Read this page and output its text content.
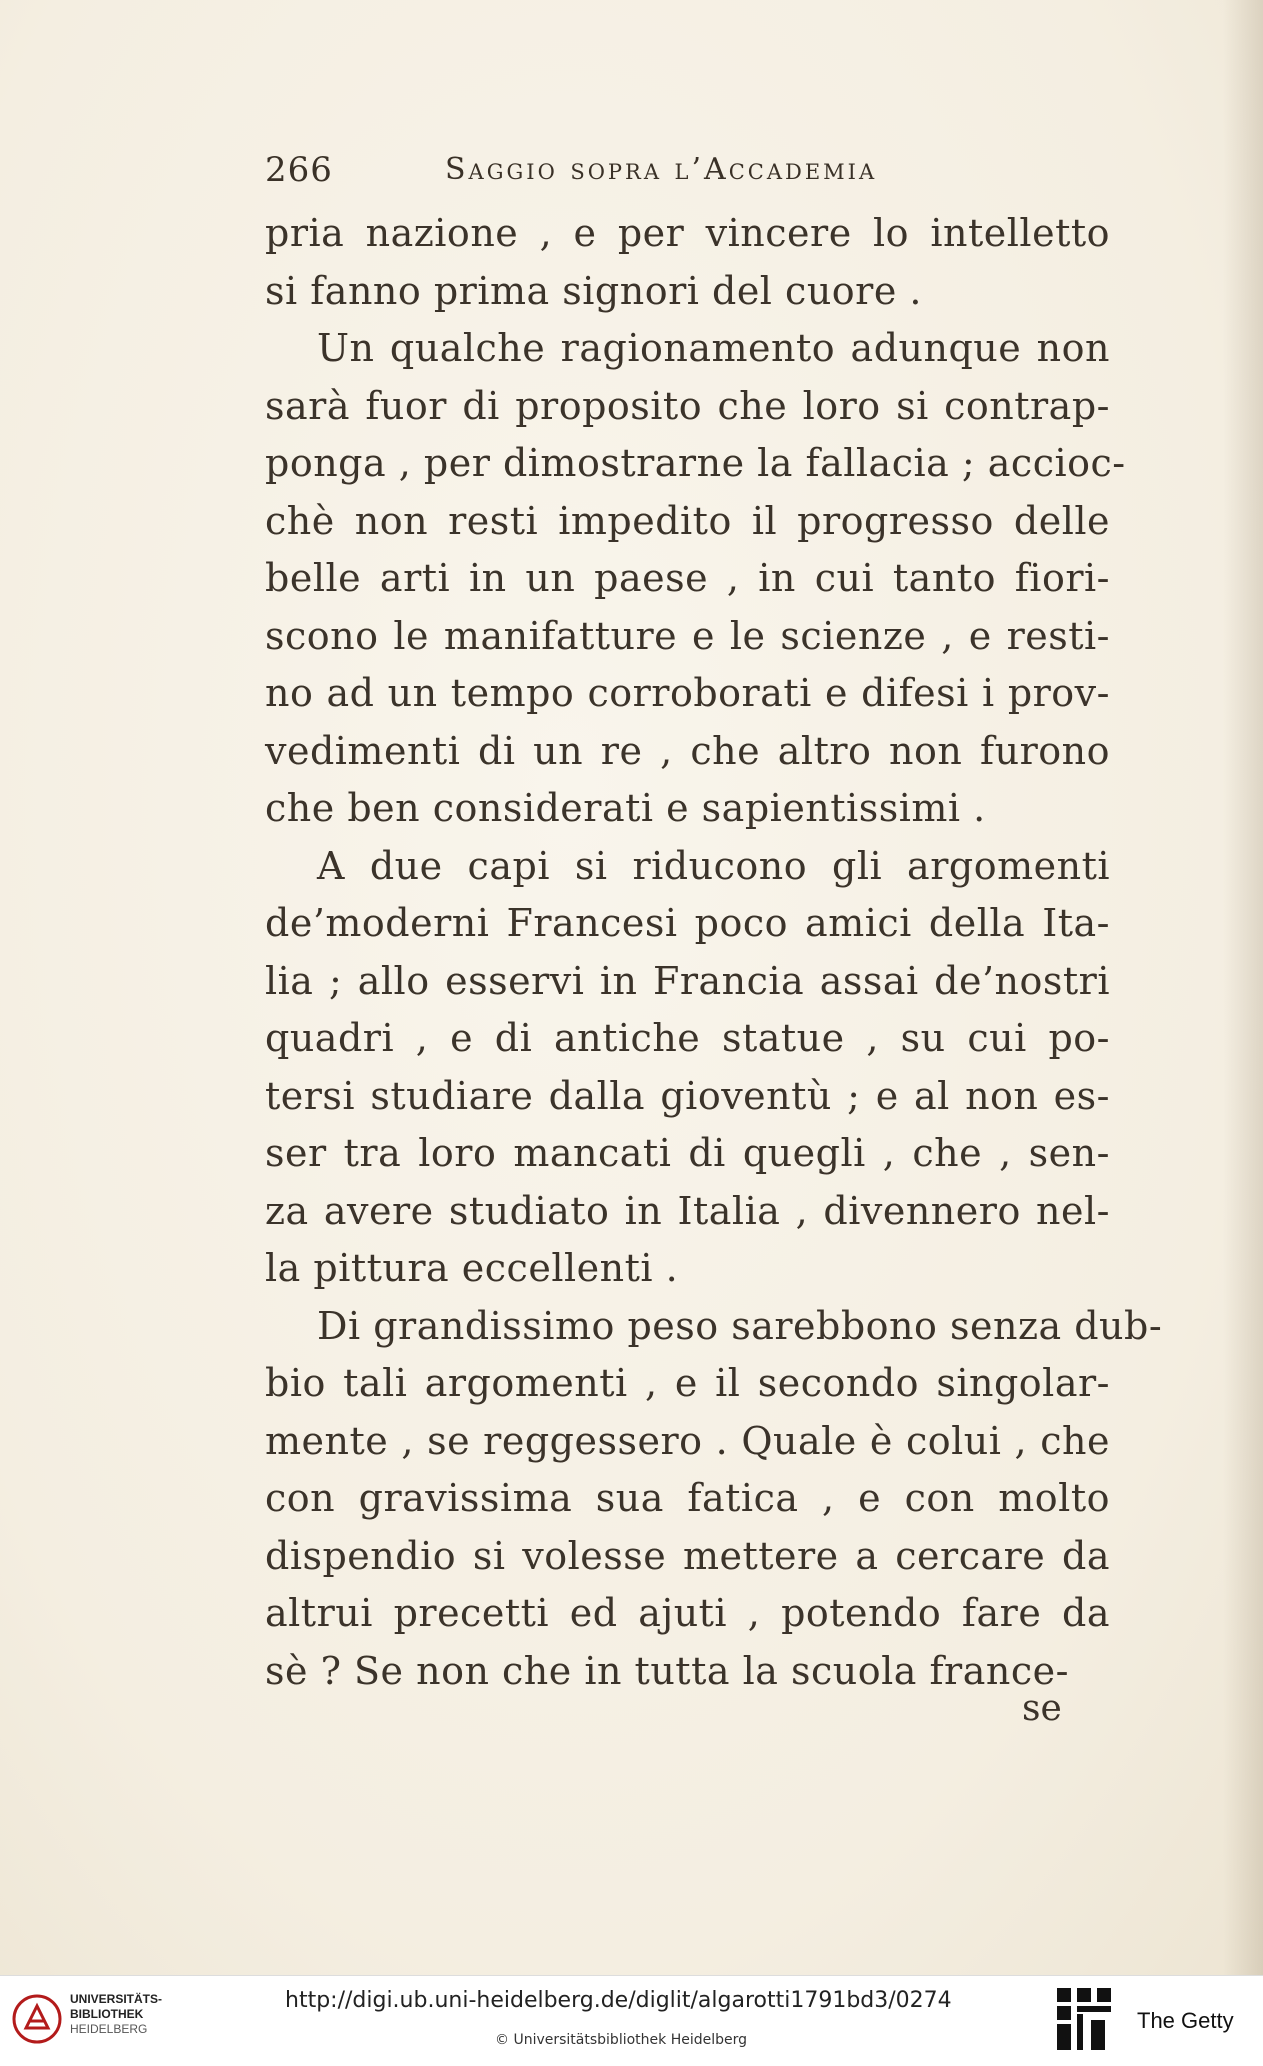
266	Saggio sopra l’Accademia
pria nazione , e per vincere lo intelletto
si fanno prima signori del cuore .
Un qualche ragionamento adunque non
sarà fuor di proposito che loro si contrap-
ponga , per dimostrarne la fallacia ; accioc-
chè non resti impedito il progresso delle
belle arti in un paese , in cui tanto fiori-
scono le manifatture e le scienze , e resti-
no ad un tempo corroborati e difesi i prov-
vedimenti di un re , che altro non furono
che ben considerati e sapientissimi .
A due capi si riducono gli argomenti
de’moderni Francesi poco amici della Ita-
lia ; allo esservi in Francia assai de’nostri
quadri , e di antiche statue , su cui po-
tersi studiare dalla gioventù ; e al non es-
ser tra loro mancati di quegli , che , sen-
za avere studiato in Italia , divennero nel-
la pittura eccellenti .
Di grandissimo peso sarebbono senza dub-
bio tali argomenti , e il secondo singolar-
mente , se reggessero . Quale è colui , che
con gravissima sua fatica , e con molto
dispendio si volesse mettere a cercare da
altrui precetti ed ajuti , potendo fare da
sè ? Se non che in tutta la scuola france-
se
UNIVERSITÄTS-
BIBLIOTHEK
HEIDELBERG
http://digi.ub.uni-heidelberg.de/diglit/algarotti1791bd3/0274
© Universitätsbibliothek Heidelberg
The Getty
